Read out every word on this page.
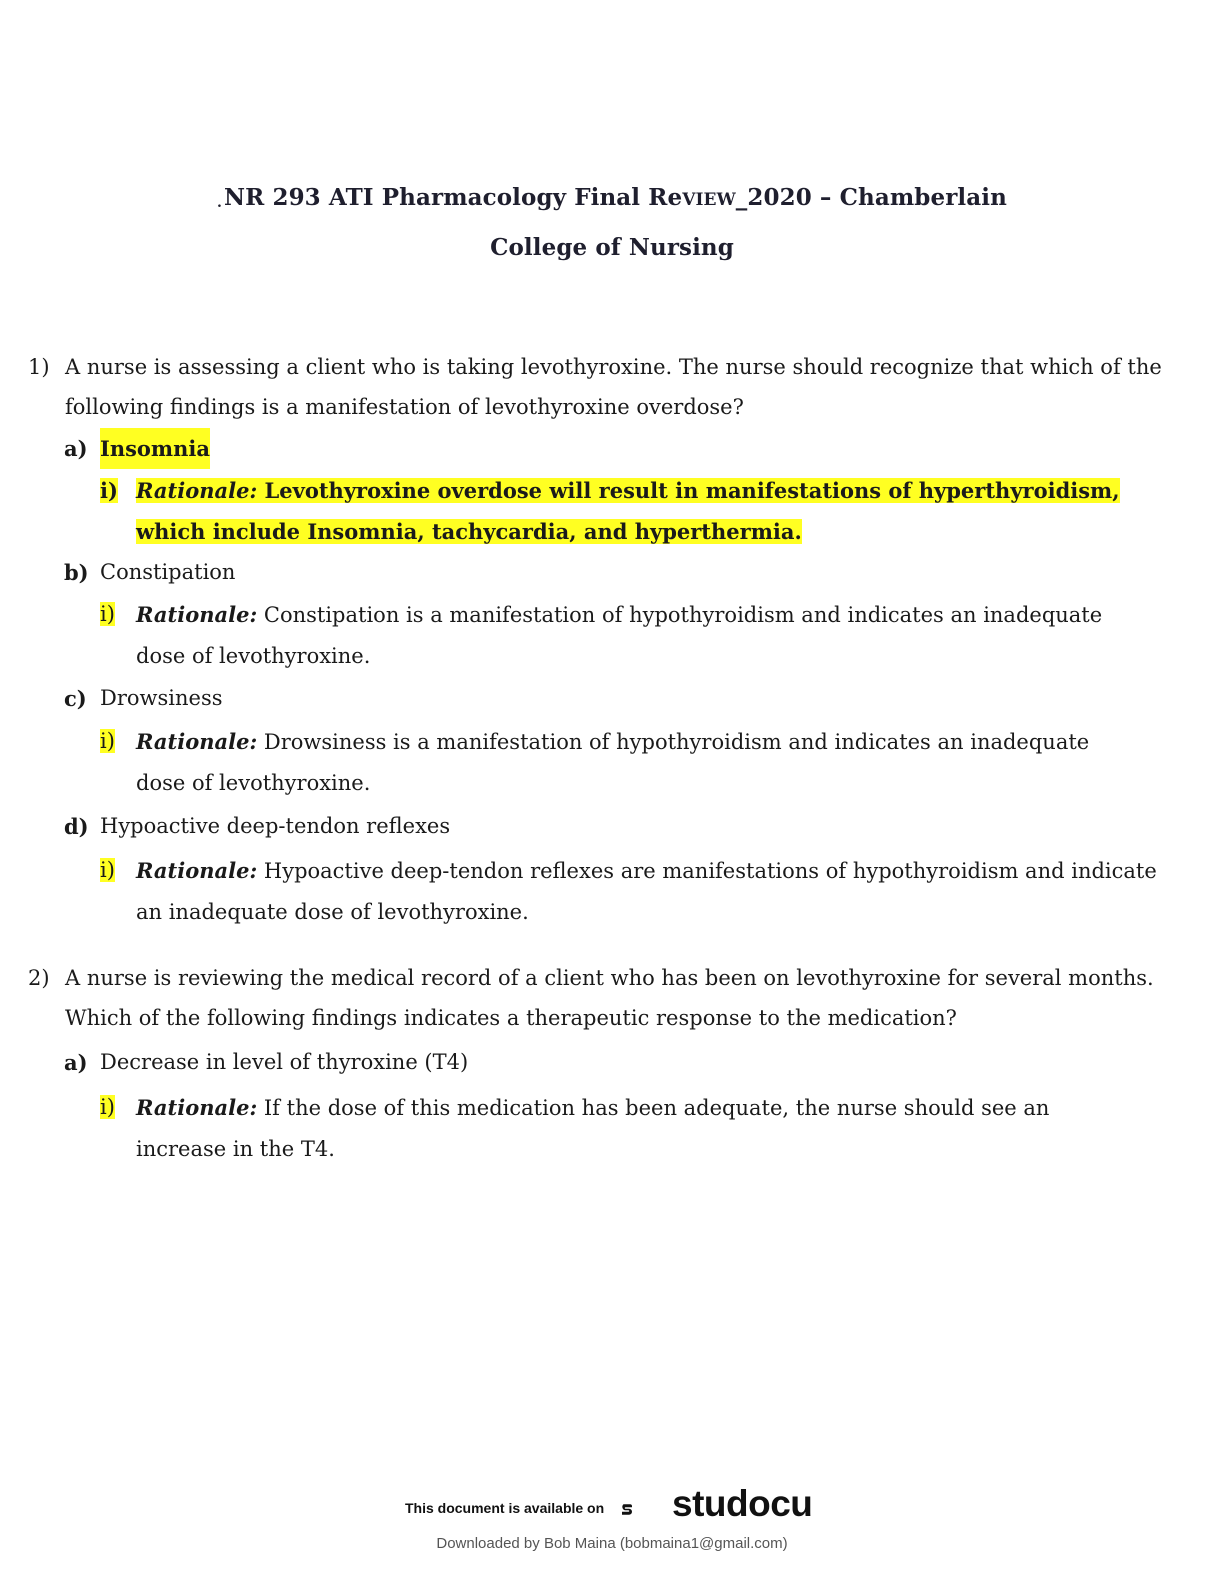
.NR 293 ATI Pharmacology Final ReVIEW_2020 – Chamberlain
College of Nursing
1) A nurse is assessing a client who is taking levothyroxine. The nurse should recognize that which of the following findings is a manifestation of levothyroxine overdose?
a) Insomnia
i) Rationale: Levothyroxine overdose will result in manifestations of hyperthyroidism, which include Insomnia, tachycardia, and hyperthermia.
b) Constipation
i)	Rationale: Constipation is a manifestation of hypothyroidism and indicates an inadequate dose of levothyroxine.
c) Drowsiness
i)	Rationale: Drowsiness is a manifestation of hypothyroidism and indicates an inadequate dose of levothyroxine.
d) Hypoactive deep-tendon reflexes
i)	Rationale: Hypoactive deep-tendon reflexes are manifestations of hypothyroidism and indicate an inadequate dose of levothyroxine.
2) A nurse is reviewing the medical record of a client who has been on levothyroxine for several months. Which of the following findings indicates a therapeutic response to the medication?
a) Decrease in level of thyroxine (T4)
i)	Rationale: If the dose of this medication has been adequate, the nurse should see an increase in the T4.
This document is available on studocu
Downloaded by Bob Maina (bobmaina1@gmail.com)
